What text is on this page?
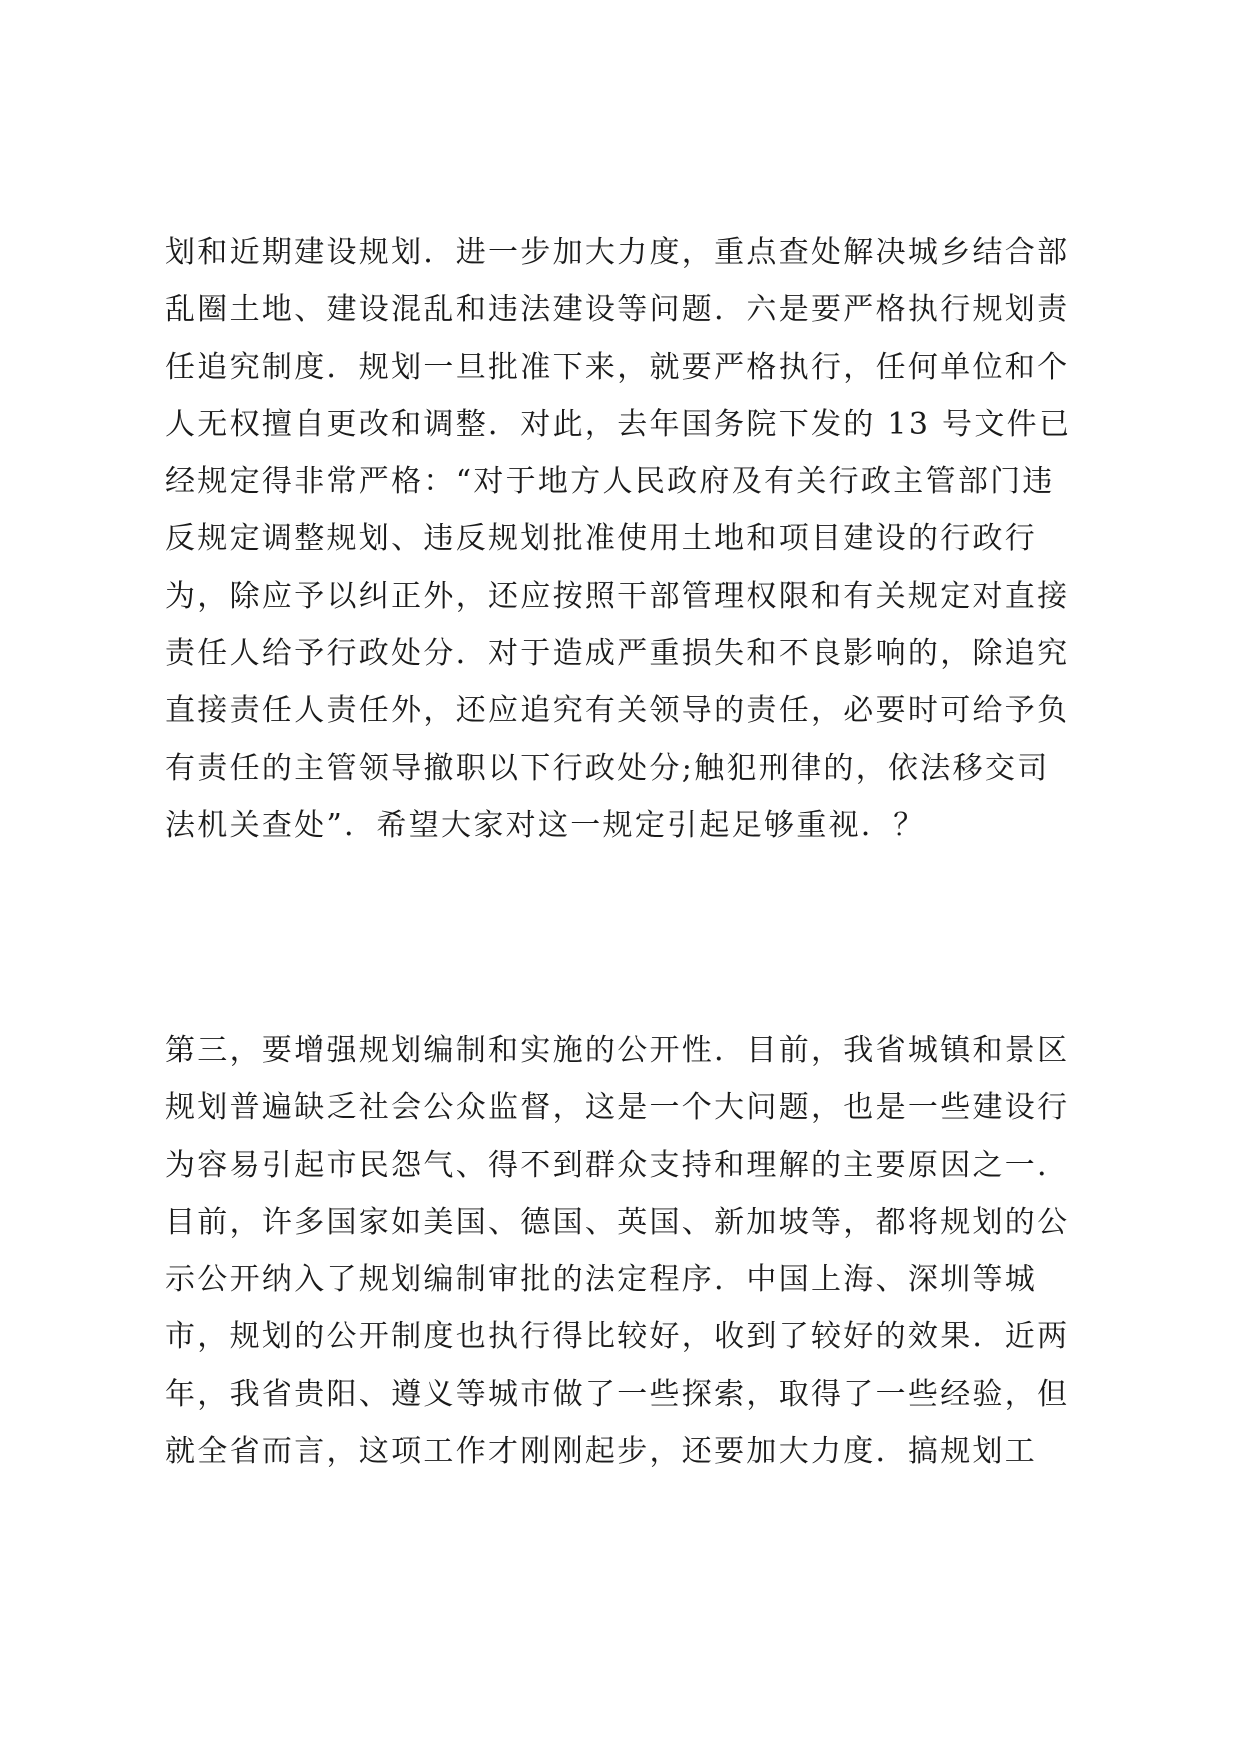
划和近期建设规划．进一步加大力度，重点查处解决城乡结合部
乱圈土地、建设混乱和违法建设等问题．六是要严格执行规划责
任追究制度．规划一旦批准下来，就要严格执行，任何单位和个
人无权擅自更改和调整．对此，去年国务院下发的 13 号文件已
经规定得非常严格：“对于地方人民政府及有关行政主管部门违
反规定调整规划、违反规划批准使用土地和项目建设的行政行
为，除应予以纠正外，还应按照干部管理权限和有关规定对直接
责任人给予行政处分．对于造成严重损失和不良影响的，除追究
直接责任人责任外，还应追究有关领导的责任，必要时可给予负
有责任的主管领导撤职以下行政处分;触犯刑律的，依法移交司
法机关查处”．希望大家对这一规定引起足够重视．？
第三，要增强规划编制和实施的公开性．目前，我省城镇和景区
规划普遍缺乏社会公众监督，这是一个大问题，也是一些建设行
为容易引起市民怨气、得不到群众支持和理解的主要原因之一．
目前，许多国家如美国、德国、英国、新加坡等，都将规划的公
示公开纳入了规划编制审批的法定程序．中国上海、深圳等城
市，规划的公开制度也执行得比较好，收到了较好的效果．近两
年，我省贵阳、遵义等城市做了一些探索，取得了一些经验，但
就全省而言，这项工作才刚刚起步，还要加大力度．搞规划工
